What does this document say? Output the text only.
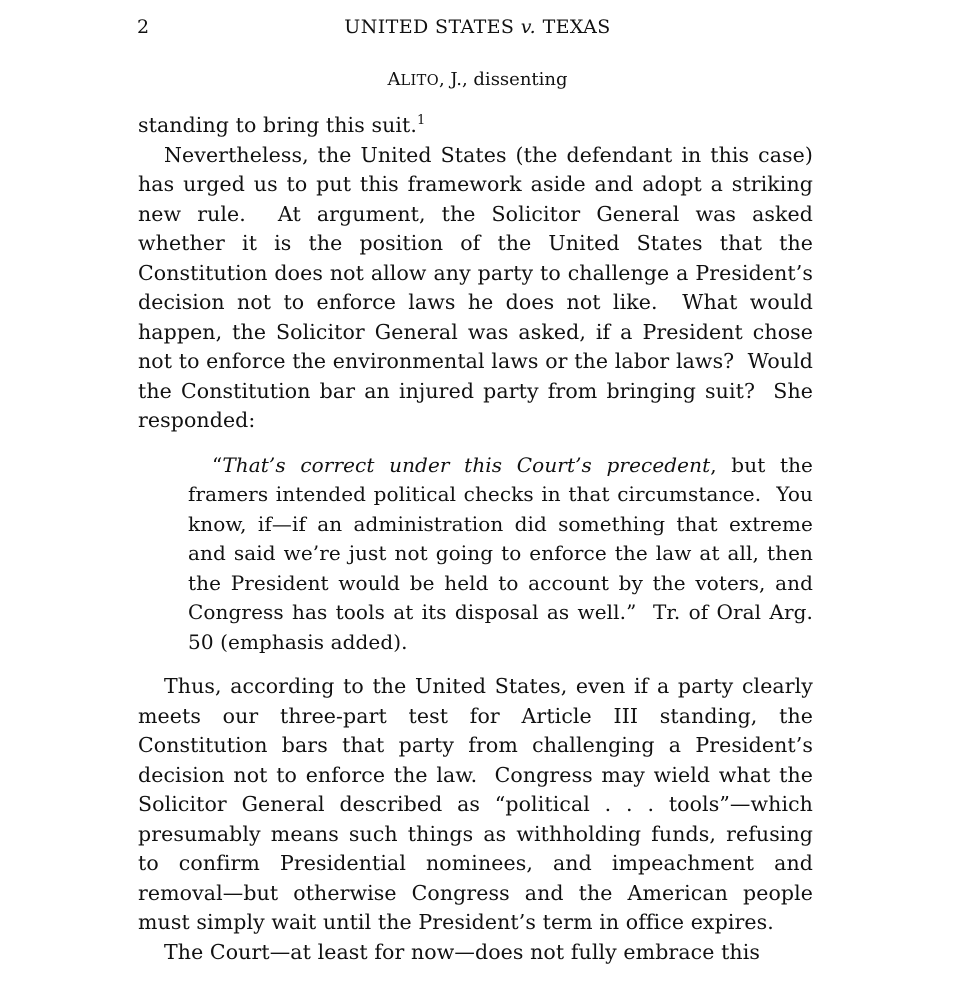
2	UNITED STATES v. TEXAS
ALITO, J., dissenting

standing to bring this suit.$^1$

Nevertheless, the United States (the defendant in this case) has urged us to put this framework aside and adopt a striking new rule.  At argument, the Solicitor General was asked whether it is the position of the United States that the Constitution does not allow any party to challenge a President’s decision not to enforce laws he does not like.  What would happen, the Solicitor General was asked, if a President chose not to enforce the environmental laws or the labor laws?  Would the Constitution bar an injured party from bringing suit?  She responded:

“That’s correct under this Court’s precedent, but the framers intended political checks in that circumstance.  You know, if—if an administration did something that extreme and said we’re just not going to enforce the law at all, then the President would be held to account by the voters, and Congress has tools at its disposal as well.”  Tr. of Oral Arg. 50 (emphasis added).

Thus, according to the United States, even if a party clearly meets our three-part test for Article III standing, the Constitution bars that party from challenging a President’s decision not to enforce the law.  Congress may wield what the Solicitor General described as “political . . . tools”—which presumably means such things as withholding funds, refusing to confirm Presidential nominees, and impeachment and removal—but otherwise Congress and the American people must simply wait until the President’s term in office expires.

The Court—at least for now—does not fully embrace this
